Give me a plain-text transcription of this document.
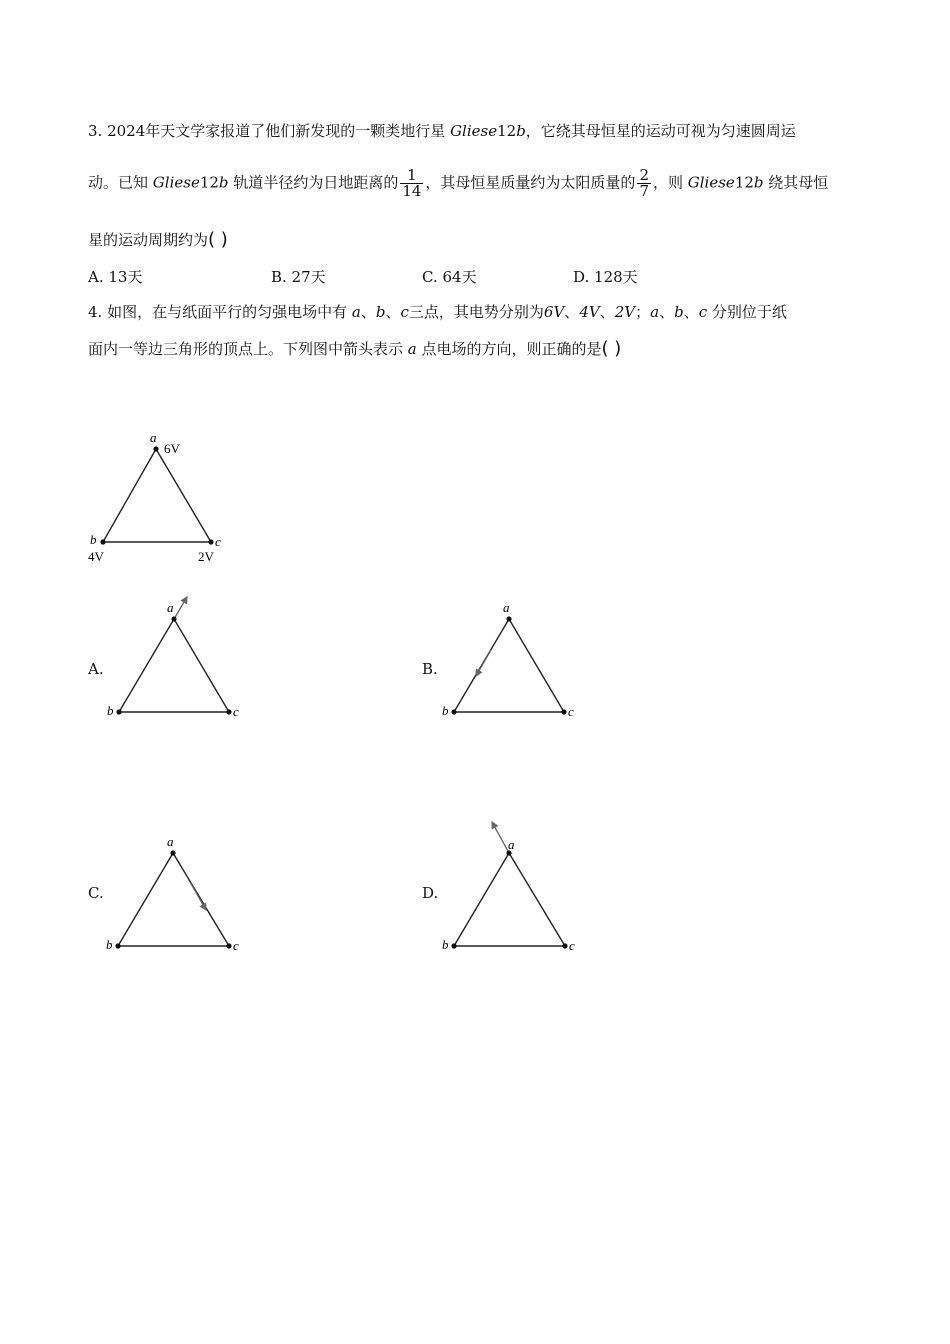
3. 2024年天文学家报道了他们新发现的一颗类地行星 Gliese12b，它绕其母恒星的运动可视为匀速圆周运
动。已知 Gliese12b 轨道半径约为日地距离的 $\frac{1}{14}$ ，其母恒星质量约为太阳质量的 $\frac{2}{7}$ ，则 Gliese12b 绕其母恒
星的运动周期约为( )
A. 13天	B. 27天	C. 64天	D. 128天
4. 如图，在与纸面平行的匀强电场中有 a、b、c三点，其电势分别为6V、4V、2V；a、b、c 分别位于纸
面内一等边三角形的顶点上。下列图中箭头表示 a 点电场的方向，则正确的是( )
a
6V
b
4V
c
2V
A.
a
b	c
B.
a
b	c
C.
a
b	c
D.
a
b	c
